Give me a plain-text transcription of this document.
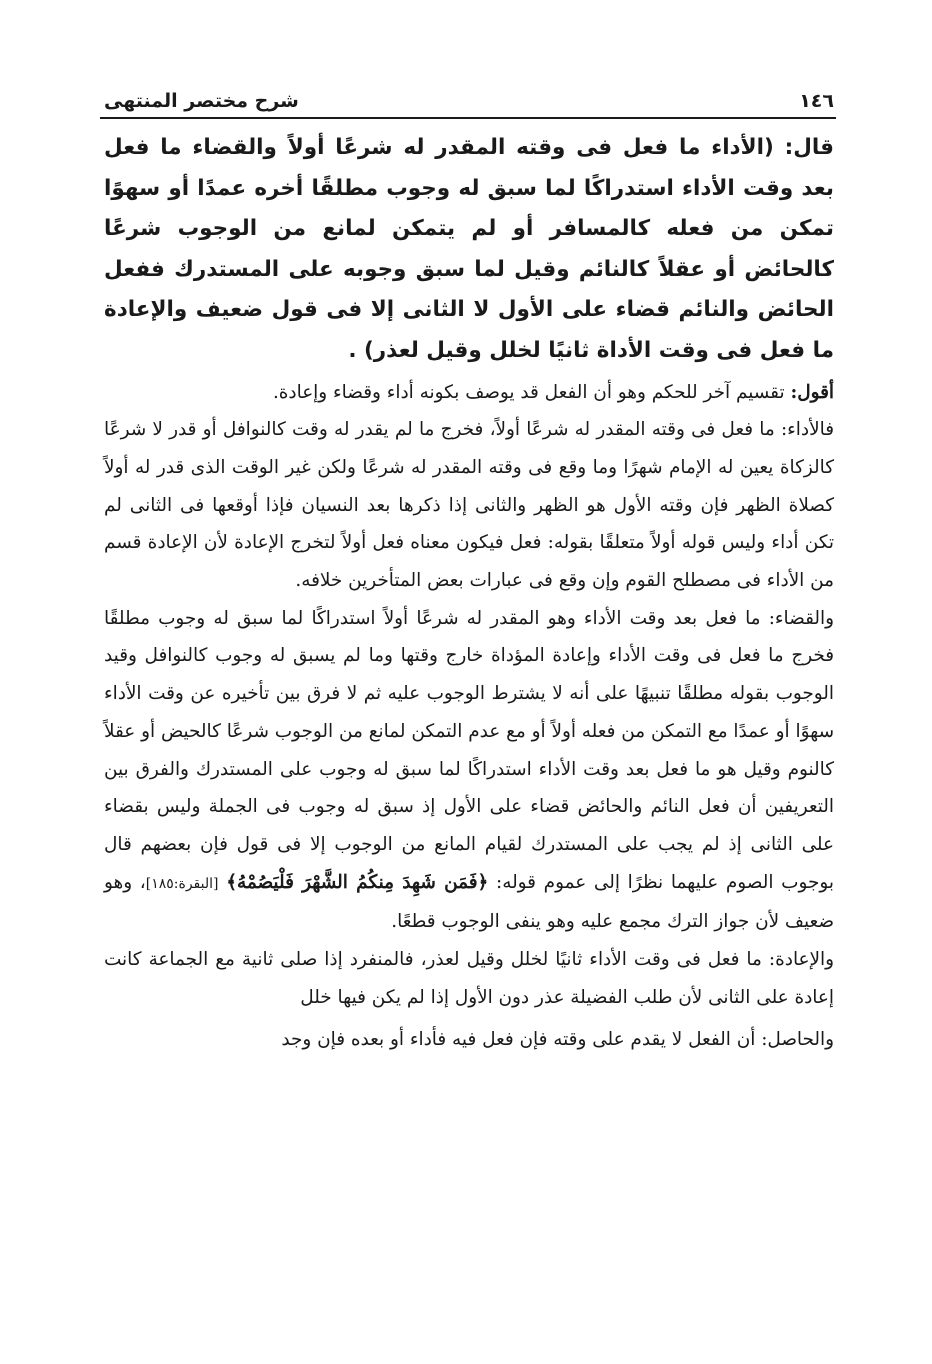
١٤٦
شرح مختصر المنتهى

قال: (الأداء ما فعل فى وقته المقدر له شرعًا أولاً والقضاء ما فعل بعد وقت الأداء استدراكًا لما سبق له وجوب مطلقًا أخره عمدًا أو سهوًا تمكن من فعله كالمسافر أو لم يتمكن لمانع من الوجوب شرعًا كالحائض أو عقلاً كالنائم وقيل لما سبق وجوبه على المستدرك ففعل الحائض والنائم قضاء على الأول لا الثانى إلا فى قول ضعيف والإعادة ما فعل فى وقت الأداة ثانيًا لخلل وقيل لعذر) .

أقول: تقسيم آخر للحكم وهو أن الفعل قد يوصف بكونه أداء وقضاء وإعادة.

فالأداء: ما فعل فى وقته المقدر له شرعًا أولاً، فخرج ما لم يقدر له وقت كالنوافل أو قدر لا شرعًا كالزكاة يعين له الإمام شهرًا وما وقع فى وقته المقدر له شرعًا ولكن غير الوقت الذى قدر له أولاً كصلاة الظهر فإن وقته الأول هو الظهر والثانى إذا ذكرها بعد النسيان فإذا أوقعها فى الثانى لم تكن أداء وليس قوله أولاً متعلقًا بقوله: فعل فيكون معناه فعل أولاً لتخرج الإعادة لأن الإعادة قسم من الأداء فى مصطلح القوم وإن وقع فى عبارات بعض المتأخرين خلافه.

والقضاء: ما فعل بعد وقت الأداء وهو المقدر له شرعًا أولاً استدراكًا لما سبق له وجوب مطلقًا فخرج ما فعل فى وقت الأداء وإعادة المؤداة خارج وقتها وما لم يسبق له وجوب كالنوافل وقيد الوجوب بقوله مطلقًا تنبيهًا على أنه لا يشترط الوجوب عليه ثم لا فرق بين تأخيره عن وقت الأداء سهوًا أو عمدًا مع التمكن من فعله أولاً أو مع عدم التمكن لمانع من الوجوب شرعًا كالحيض أو عقلاً كالنوم وقيل هو ما فعل بعد وقت الأداء استدراكًا لما سبق له وجوب على المستدرك والفرق بين التعريفين أن فعل النائم والحائض قضاء على الأول إذ سبق له وجوب فى الجملة وليس بقضاء على الثانى إذ لم يجب على المستدرك لقيام المانع من الوجوب إلا فى قول فإن بعضهم قال بوجوب الصوم عليهما نظرًا إلى عموم قوله: ﴿فَمَن شَهِدَ مِنكُمُ الشَّهْرَ فَلْيَصُمْهُ﴾ [البقرة:١٨٥]، وهو ضعيف لأن جواز الترك مجمع عليه وهو ينفى الوجوب قطعًا.

والإعادة: ما فعل فى وقت الأداء ثانيًا لخلل وقيل لعذر، فالمنفرد إذا صلى ثانية مع الجماعة كانت إعادة على الثانى لأن طلب الفضيلة عذر دون الأول إذا لم يكن فيها خلل

والحاصل: أن الفعل لا يقدم على وقته فإن فعل فيه فأداء أو بعده فإن وجد
